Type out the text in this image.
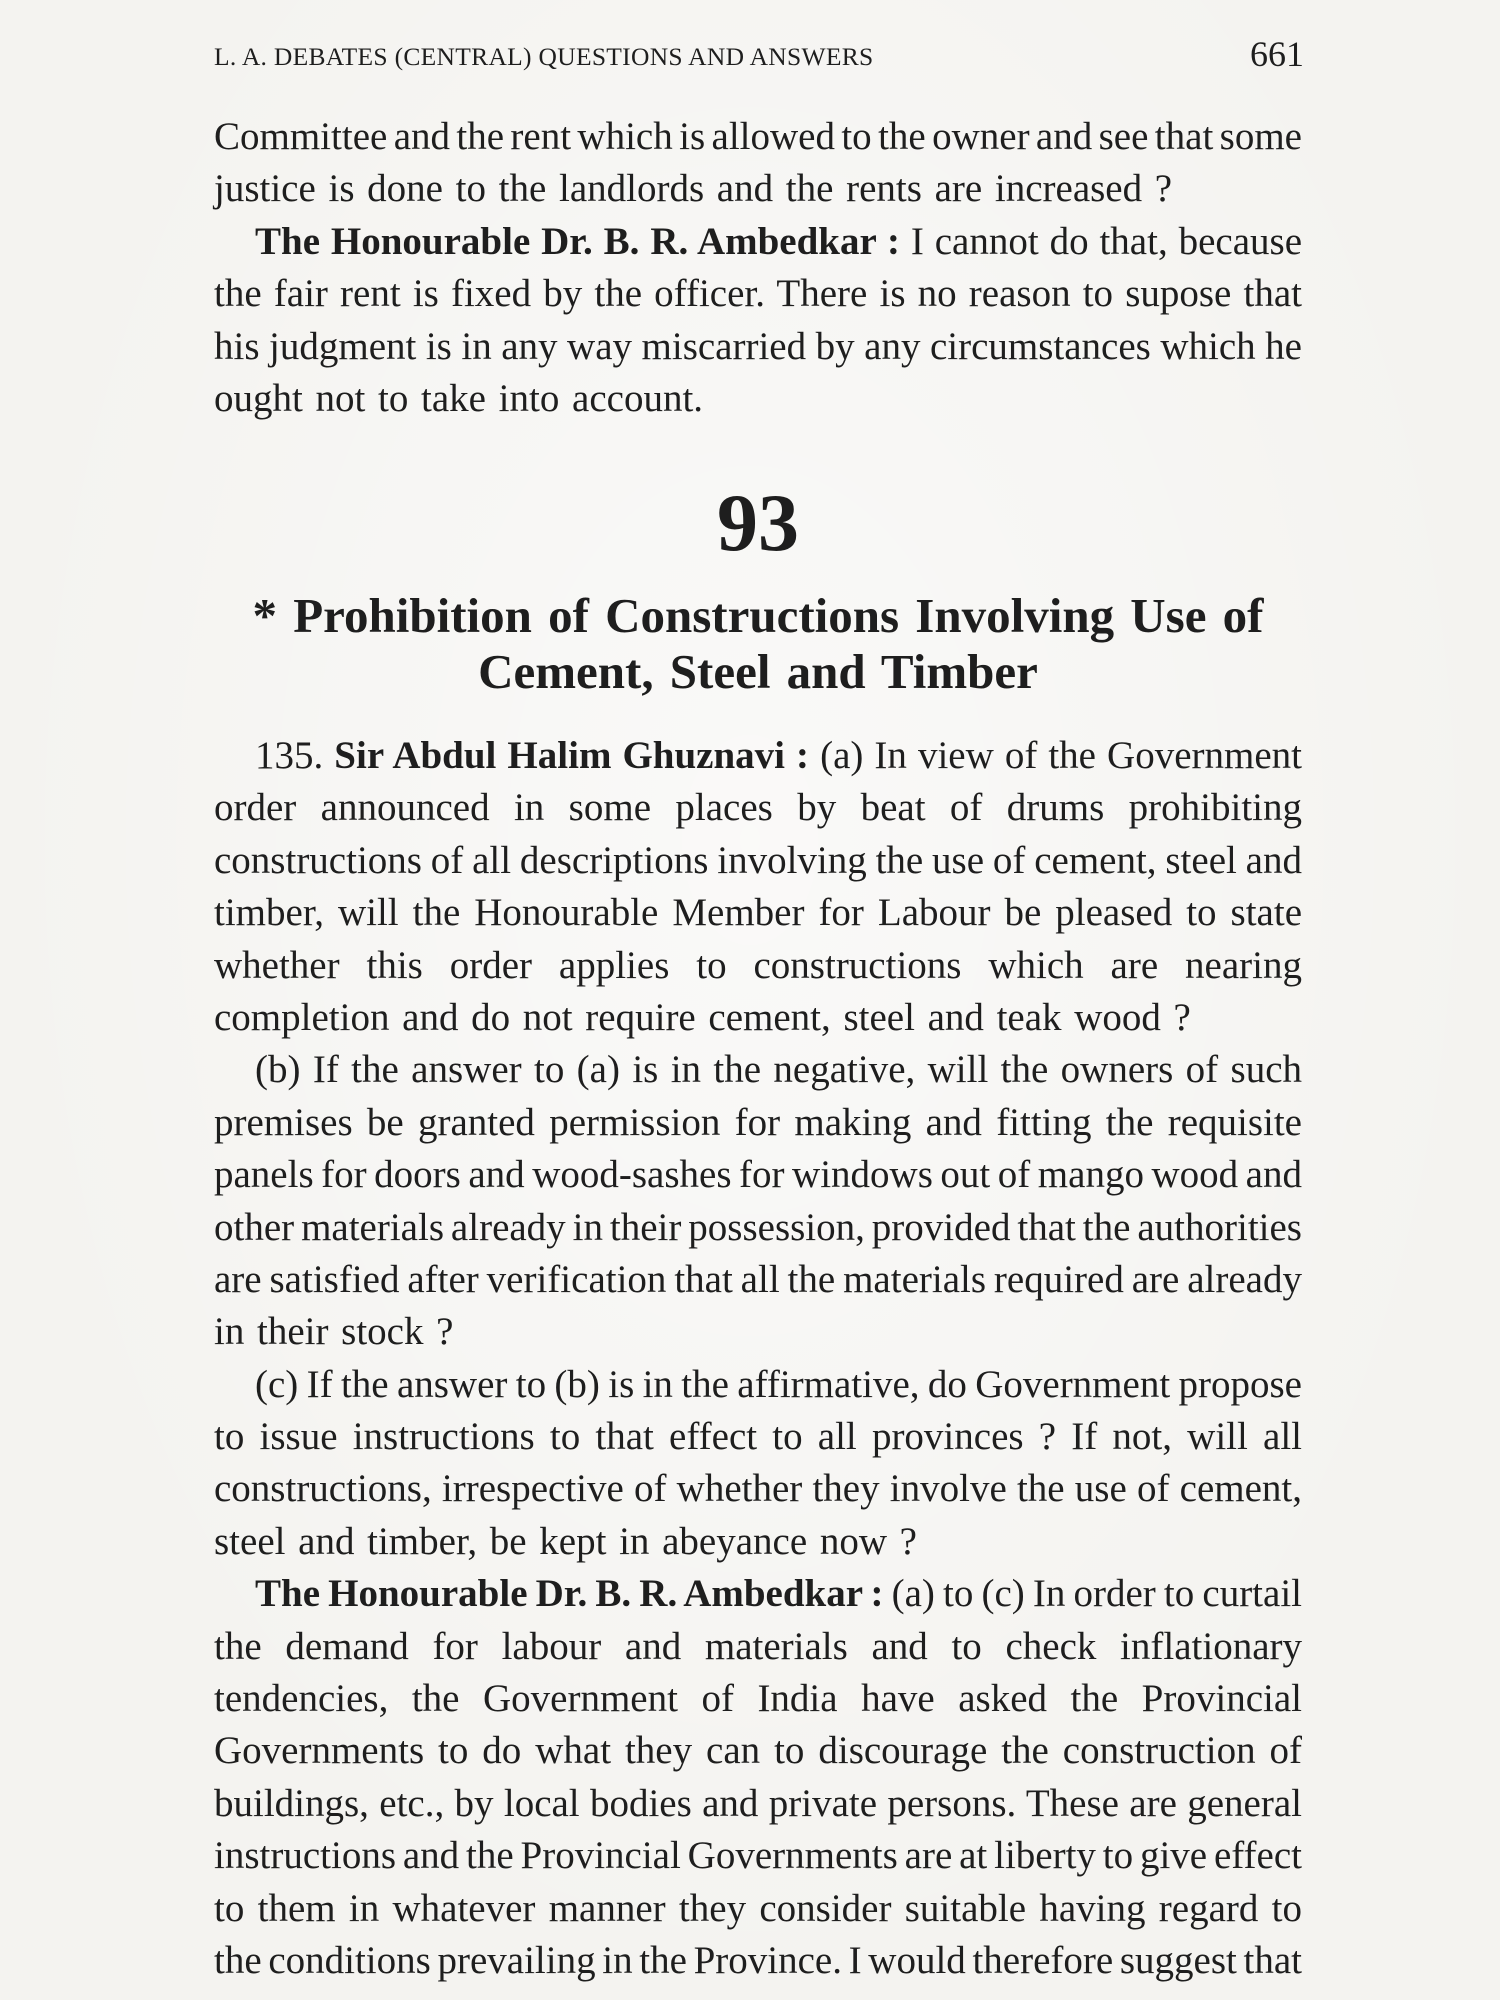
L. A. DEBATES (CENTRAL) QUESTIONS AND ANSWERS	661
Committee and the rent which is allowed to the owner and see that some
justice is done to the landlords and the rents are increased ?
The Honourable Dr. B. R. Ambedkar : I cannot do that, because
the fair rent is fixed by the officer. There is no reason to supose that
his judgment is in any way miscarried by any circumstances which he
ought not to take into account.
93
* Prohibition of Constructions Involving Use of
Cement, Steel and Timber
135. Sir Abdul Halim Ghuznavi : (a) In view of the Government
order announced in some places by beat of drums prohibiting
constructions of all descriptions involving the use of cement, steel and
timber, will the Honourable Member for Labour be pleased to state
whether this order applies to constructions which are nearing
completion and do not require cement, steel and teak wood ?
(b) If the answer to (a) is in the negative, will the owners of such
premises be granted permission for making and fitting the requisite
panels for doors and wood-sashes for windows out of mango wood and
other materials already in their possession, provided that the authorities
are satisfied after verification that all the materials required are already
in their stock ?
(c) If the answer to (b) is in the affirmative, do Government propose
to issue instructions to that effect to all provinces ? If not, will all
constructions, irrespective of whether they involve the use of cement,
steel and timber, be kept in abeyance now ?
The Honourable Dr. B. R. Ambedkar : (a) to (c) In order to curtail
the demand for labour and materials and to check inflationary
tendencies, the Government of India have asked the Provincial
Governments to do what they can to discourage the construction of
buildings, etc., by local bodies and private persons. These are general
instructions and the Provincial Governments are at liberty to give effect
to them in whatever manner they consider suitable having regard to
the conditions prevailing in the Province. I would therefore suggest that
